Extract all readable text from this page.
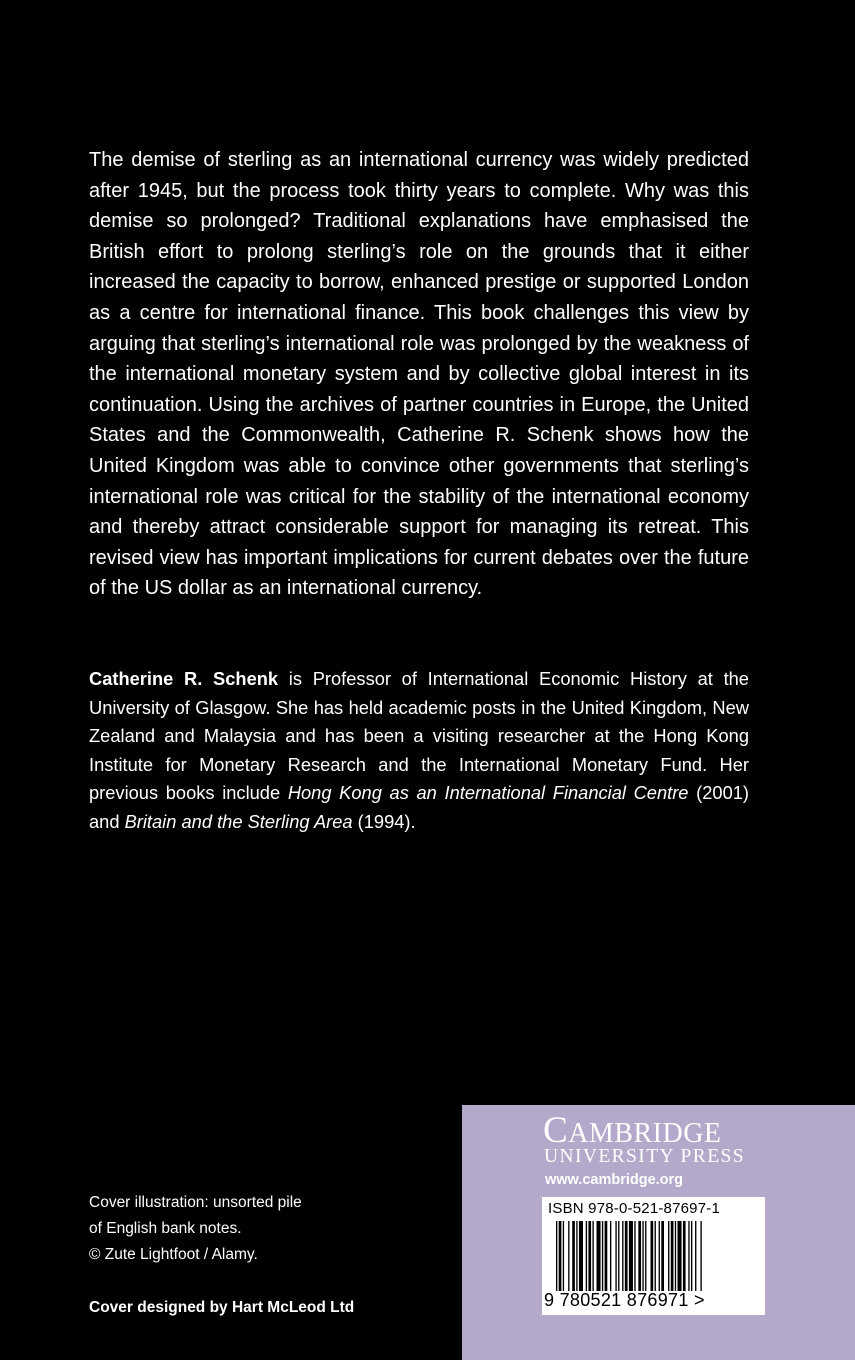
The demise of sterling as an international currency was widely predicted after 1945, but the process took thirty years to complete. Why was this demise so prolonged? Traditional explanations have emphasised the British effort to prolong sterling’s role on the grounds that it either increased the capacity to borrow, enhanced prestige or supported London as a centre for international finance. This book challenges this view by arguing that sterling’s international role was prolonged by the weakness of the international monetary system and by collective global interest in its continuation. Using the archives of partner countries in Europe, the United States and the Commonwealth, Catherine R. Schenk shows how the United Kingdom was able to convince other governments that sterling’s international role was critical for the stability of the international economy and thereby attract considerable support for managing its retreat. This revised view has important implications for current debates over the future of the US dollar as an international currency.

Catherine R. Schenk is Professor of International Economic History at the University of Glasgow. She has held academic posts in the United Kingdom, New Zealand and Malaysia and has been a visiting researcher at the Hong Kong Institute for Monetary Research and the International Monetary Fund. Her previous books include Hong Kong as an International Financial Centre (2001) and Britain and the Sterling Area (1994).

Cover illustration: unsorted pile
of English bank notes.
© Zute Lightfoot / Alamy.
Cover designed by Hart McLeod Ltd
CAMBRIDGE
UNIVERSITY PRESS
www.cambridge.org
ISBN 978-0-521-87697-1
9 780521 876971 >
